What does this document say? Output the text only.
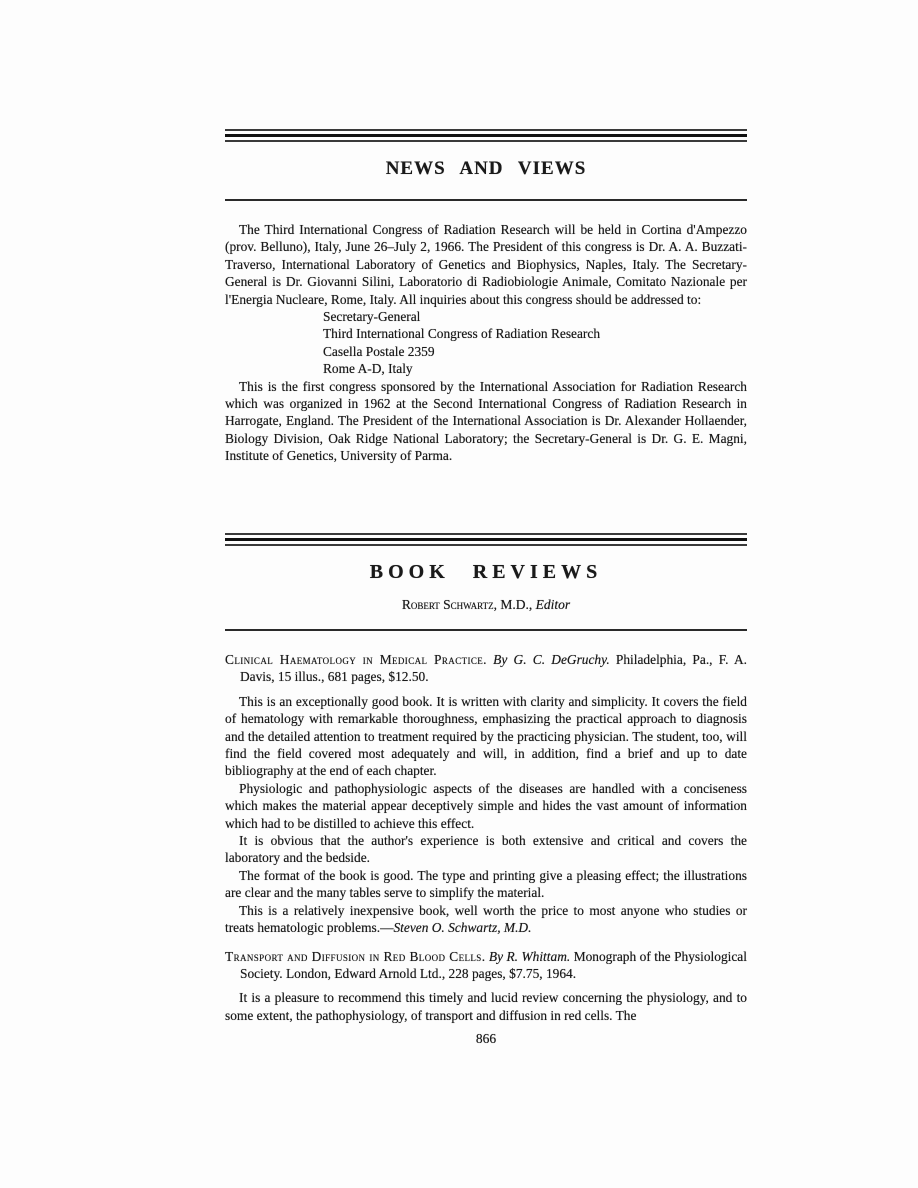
NEWS AND VIEWS

The Third International Congress of Radiation Research will be held in Cortina d'Ampezzo (prov. Belluno), Italy, June 26–July 2, 1966. The President of this congress is Dr. A. A. Buzzati-Traverso, International Laboratory of Genetics and Biophysics, Naples, Italy. The Secretary-General is Dr. Giovanni Silini, Laboratorio di Radiobiologie Animale, Comitato Nazionale per l'Energia Nucleare, Rome, Italy. All inquiries about this congress should be addressed to:

Secretary-General
Third International Congress of Radiation Research
Casella Postale 2359
Rome A-D, Italy

This is the first congress sponsored by the International Association for Radiation Research which was organized in 1962 at the Second International Congress of Radiation Research in Harrogate, England. The President of the International Association is Dr. Alexander Hollaender, Biology Division, Oak Ridge National Laboratory; the Secretary-General is Dr. G. E. Magni, Institute of Genetics, University of Parma.

BOOK REVIEWS
Robert Schwartz, M.D., Editor

Clinical Haematology in Medical Practice. By G. C. DeGruchy. Philadelphia, Pa., F. A. Davis, 15 illus., 681 pages, $12.50.

This is an exceptionally good book. It is written with clarity and simplicity. It covers the field of hematology with remarkable thoroughness, emphasizing the practical approach to diagnosis and the detailed attention to treatment required by the practicing physician. The student, too, will find the field covered most adequately and will, in addition, find a brief and up to date bibliography at the end of each chapter.

Physiologic and pathophysiologic aspects of the diseases are handled with a conciseness which makes the material appear deceptively simple and hides the vast amount of information which had to be distilled to achieve this effect.

It is obvious that the author's experience is both extensive and critical and covers the laboratory and the bedside.

The format of the book is good. The type and printing give a pleasing effect; the illustrations are clear and the many tables serve to simplify the material.

This is a relatively inexpensive book, well worth the price to most anyone who studies or treats hematologic problems.—Steven O. Schwartz, M.D.

Transport and Diffusion in Red Blood Cells. By R. Whittam. Monograph of the Physiological Society. London, Edward Arnold Ltd., 228 pages, $7.75, 1964.

It is a pleasure to recommend this timely and lucid review concerning the physiology, and to some extent, the pathophysiology, of transport and diffusion in red cells. The

866
